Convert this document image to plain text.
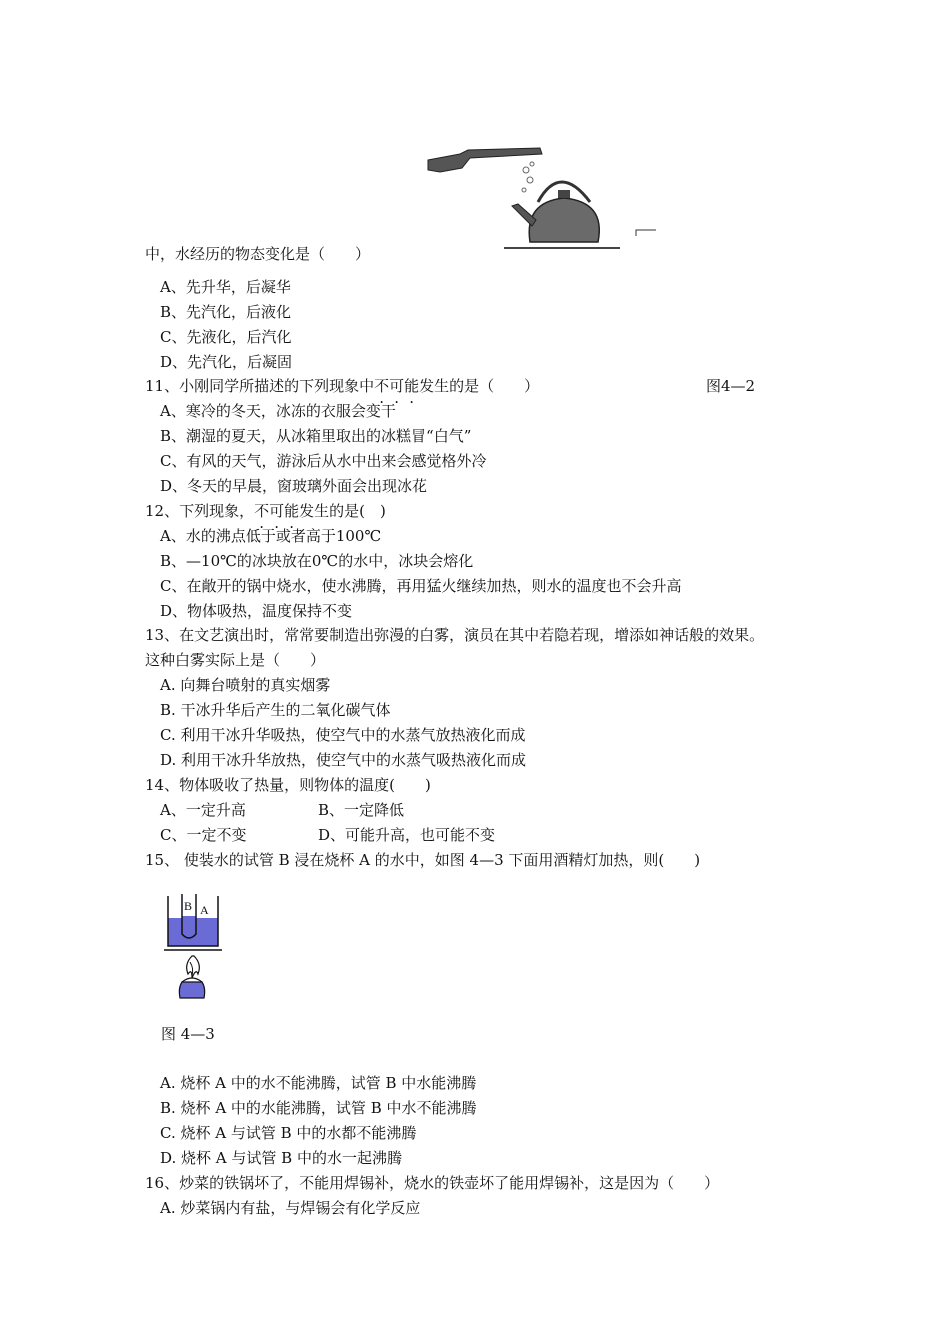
中，水经历的物态变化是（　　）
A、先升华，后凝华
B、先汽化，后液化
C、先液化，后汽化
D、先汽化，后凝固
11、小刚同学所描述的下列现象中不可能发生的是（　　）	图4—2
A、寒冷的冬天，冰冻的衣服会变干
B、潮湿的夏天，从冰箱里取出的冰糕冒“白气”
C、有风的天气，游泳后从水中出来会感觉格外冷
D、冬天的早晨，窗玻璃外面会出现冰花
12、下列现象，不可能发生的是(　)
A、水的沸点低于或者高于100℃
B、—10℃的冰块放在0℃的水中，冰块会熔化
C、在敞开的锅中烧水，使水沸腾，再用猛火继续加热，则水的温度也不会升高
D、物体吸热，温度保持不变
13、在文艺演出时，常常要制造出弥漫的白雾，演员在其中若隐若现，增添如神话般的效果。
这种白雾实际上是（　　）
A. 向舞台喷射的真实烟雾
B. 干冰升华后产生的二氧化碳气体
C. 利用干冰升华吸热，使空气中的水蒸气放热液化而成
D. 利用干冰升华放热，使空气中的水蒸气吸热液化而成
14、物体吸收了热量，则物体的温度(　　)
A、一定升高	B、一定降低
C、一定不变	D、可能升高，也可能不变
15、 使装水的试管 B 浸在烧杯 A 的水中，如图 4—3 下面用酒精灯加热，则(　　)
B A
图 4—3
A. 烧杯 A 中的水不能沸腾，试管 B 中水能沸腾
B. 烧杯 A 中的水能沸腾，试管 B 中水不能沸腾
C. 烧杯 A 与试管 B 中的水都不能沸腾
D. 烧杯 A 与试管 B 中的水一起沸腾
16、炒菜的铁锅坏了，不能用焊锡补，烧水的铁壶坏了能用焊锡补，这是因为（　　）
A. 炒菜锅内有盐，与焊锡会有化学反应
